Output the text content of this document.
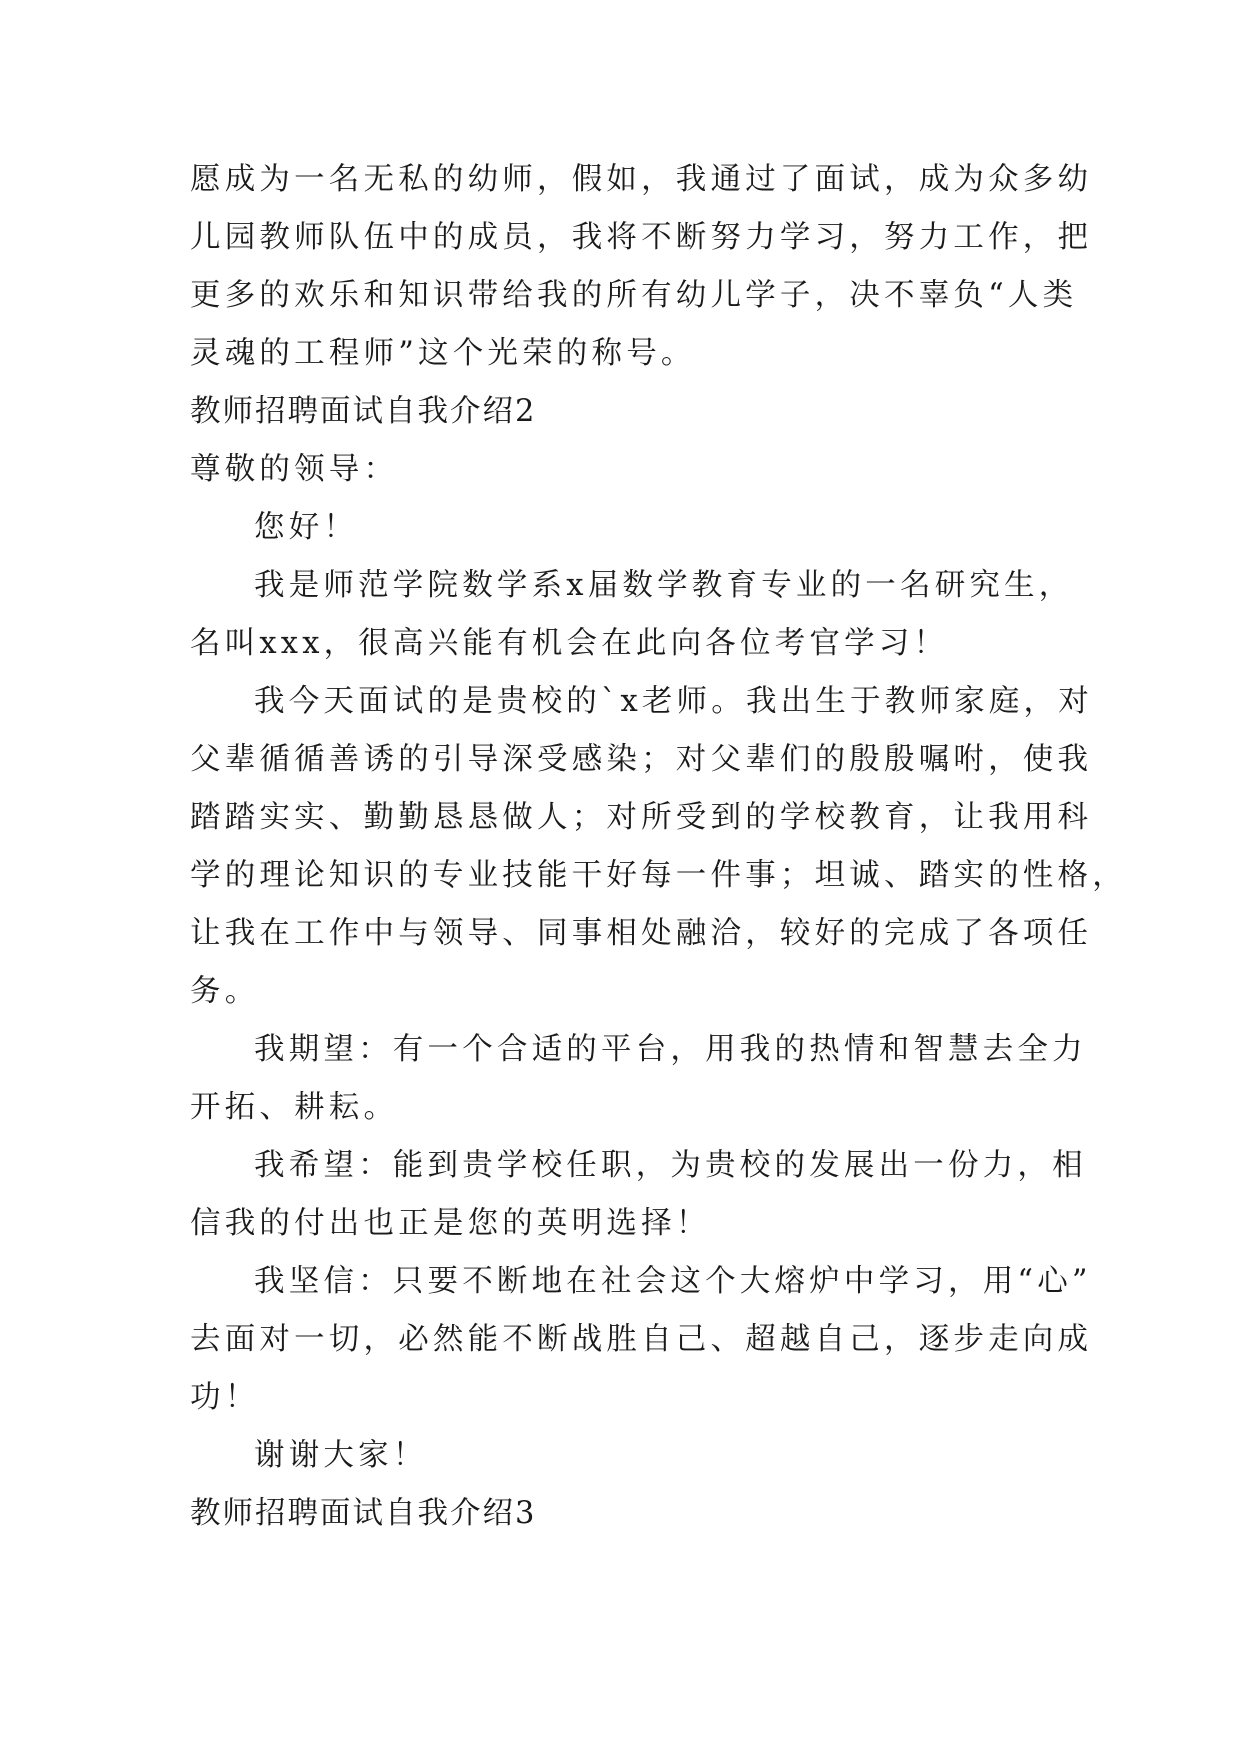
愿成为一名无私的幼师，假如，我通过了面试，成为众多幼
儿园教师队伍中的成员，我将不断努力学习，努力工作，把
更多的欢乐和知识带给我的所有幼儿学子，决不辜负“人类
灵魂的工程师”这个光荣的称号。
教师招聘面试自我介绍2
尊敬的领导：
您好！
我是师范学院数学系x届数学教育专业的一名研究生，
名叫xxx，很高兴能有机会在此向各位考官学习！
我今天面试的是贵校的`x老师。我出生于教师家庭，对
父辈循循善诱的引导深受感染；对父辈们的殷殷嘱咐，使我
踏踏实实、勤勤恳恳做人；对所受到的学校教育，让我用科
学的理论知识的专业技能干好每一件事；坦诚、踏实的性格，
让我在工作中与领导、同事相处融洽，较好的完成了各项任
务。
我期望：有一个合适的平台，用我的热情和智慧去全力
开拓、耕耘。
我希望：能到贵学校任职，为贵校的发展出一份力，相
信我的付出也正是您的英明选择！
我坚信：只要不断地在社会这个大熔炉中学习，用“心”
去面对一切，必然能不断战胜自己、超越自己，逐步走向成
功！
谢谢大家！
教师招聘面试自我介绍3
